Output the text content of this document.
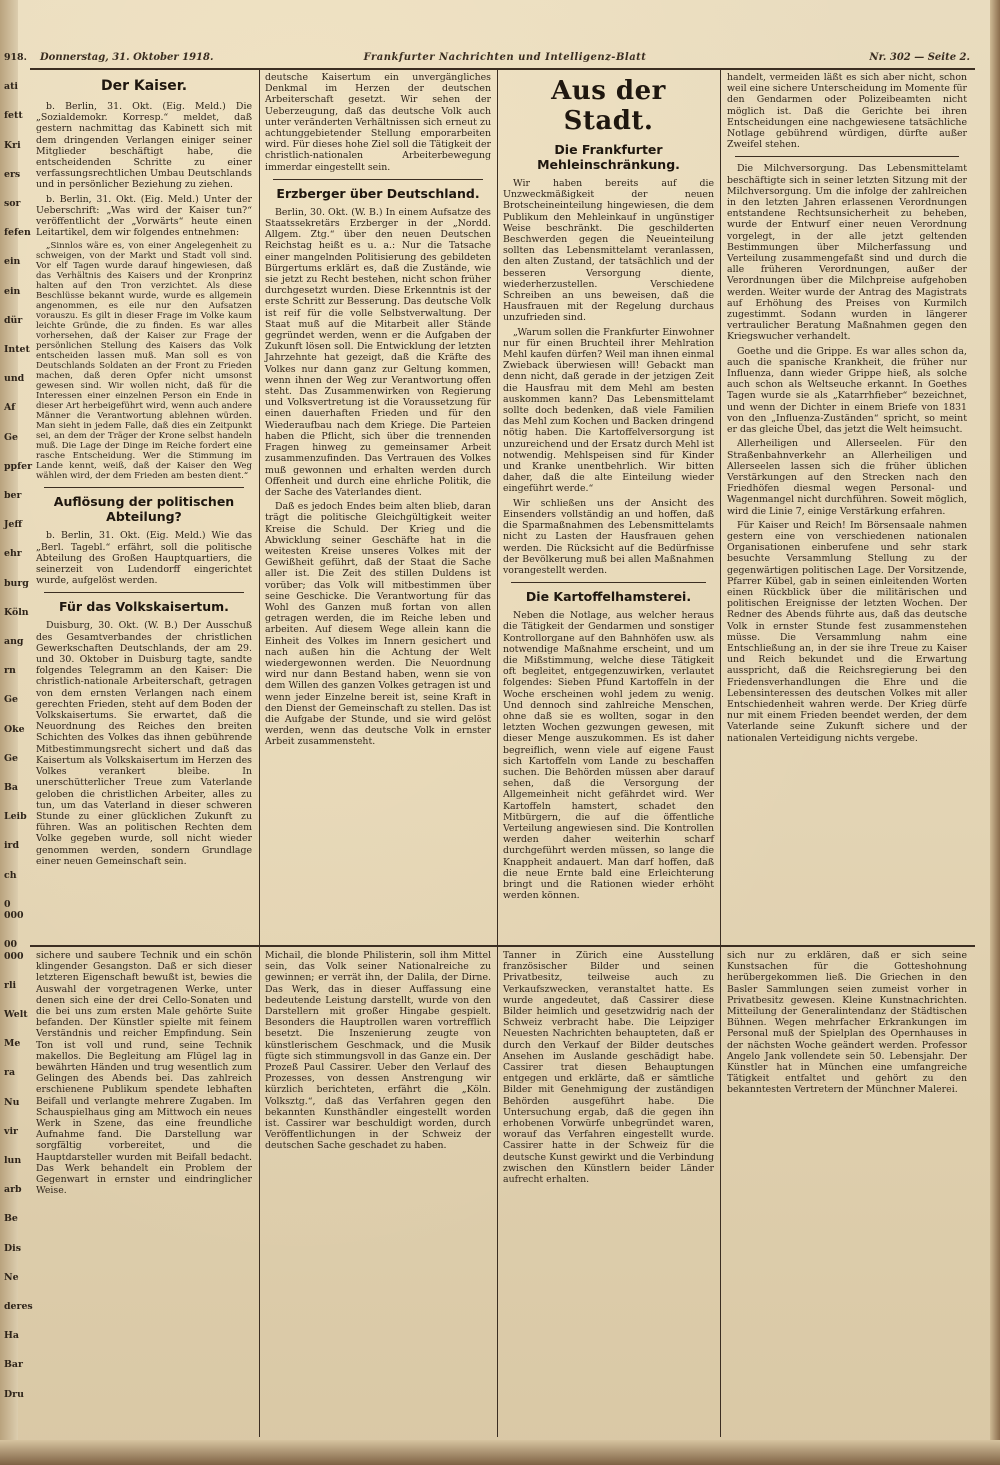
918.
ati
fett
Kri
ers
sor
fefen
ein
ein
dür
Intet
und
Af
Ge
ppfer
ber
Jeff
ehr
burg
Köln
ang
rn
Ge
Oke
Ge
Ba
Leib
ird
ch
0 000
00 000
rli
Welt
Me
ra
Nu
vir
lun
arb
Be
Dis
Ne
deres
Ha
Bar
Dru
Donnerstag, 31. Oktober 1918.	Frankfurter Nachrichten und Intelligenz-Blatt	Nr. 302 — Seite 2.
Der Kaiser.

b. Berlin, 31. Okt. (Eig. Meld.) Die „Sozialdemokr. Korresp.“ meldet, daß gestern nachmittag das Kabinett sich mit dem dringenden Verlangen einiger seiner Mitglieder beschäftigt habe, die entscheidenden Schritte zu einer verfassungsrechtlichen Umbau Deutschlands und in persönlicher Beziehung zu ziehen.

b. Berlin, 31. Okt. (Eig. Meld.) Unter der Ueberschrift: „Was wird der Kaiser tun?“ veröffentlicht der „Vorwärts“ heute einen Leitartikel, dem wir folgendes entnehmen:

„Sinnlos wäre es, von einer Angelegenheit zu schweigen, von der Markt und Stadt voll sind. Vor elf Tagen wurde darauf hingewiesen, daß das Verhältnis des Kaisers und der Kronprinz halten auf den Tron verzichtet. Als diese Beschlüsse bekannt wurde, wurde es allgemein angenommen, es eile nur den Aufsatzen vorauszu. Es gilt in dieser Frage im Volke kaum leichte Gründe, die zu finden. Es war alles vorhersehen, daß der Kaiser zur Frage der persönlichen Stellung des Kaisers das Volk entscheiden lassen muß. Man soll es von Deutschlands Soldaten an der Front zu Frieden machen, daß deren Opfer nicht umsonst gewesen sind. Wir wollen nicht, daß für die Interessen einer einzelnen Person ein Ende in dieser Art herbeigeführt wird, wenn auch andere Männer die Verantwortung ablehnen würden. Man sieht in jedem Falle, daß dies ein Zeitpunkt sei, an dem der Träger der Krone selbst handeln muß. Die Lage der Dinge im Reiche fordert eine rasche Entscheidung. Wer die Stimmung im Lande kennt, weiß, daß der Kaiser den Weg wählen wird, der dem Frieden am besten dient.“

Auflösung der politischen Abteilung?

b. Berlin, 31. Okt. (Eig. Meld.) Wie das „Berl. Tagebl.“ erfährt, soll die politische Abteilung des Großen Hauptquartiers, die seinerzeit von Ludendorff eingerichtet wurde, aufgelöst werden.

Für das Volkskaisertum.

Duisburg, 30. Okt. (W. B.) Der Ausschuß des Gesamtverbandes der christlichen Gewerkschaften Deutschlands, der am 29. und 30. Oktober in Duisburg tagte, sandte folgendes Telegramm an den Kaiser: Die christlich-nationale Arbeiterschaft, getragen von dem ernsten Verlangen nach einem gerechten Frieden, steht auf dem Boden der Volkskaisertums. Sie erwartet, daß die Neuordnung des Reiches den breiten Schichten des Volkes das ihnen gebührende Mitbestimmungsrecht sichert und daß das Kaisertum als Volkskaisertum im Herzen des Volkes verankert bleibe. In unerschütterlicher Treue zum Vaterlande geloben die christlichen Arbeiter, alles zu tun, um das Vaterland in dieser schweren Stunde zu einer glücklichen Zukunft zu führen. Was an politischen Rechten dem Volke gegeben wurde, soll nicht wieder genommen werden, sondern Grundlage einer neuen Gemeinschaft sein.

deutsche Kaisertum ein unvergängliches Denkmal im Herzen der deutschen Arbeiterschaft gesetzt. Wir sehen der Ueberzeugung, daß das deutsche Volk auch unter veränderten Verhältnissen sich erneut zu achtunggebietender Stellung emporarbeiten wird. Für dieses hohe Ziel soll die Tätigkeit der christlich-nationalen Arbeiterbewegung immerdar eingestellt sein.

Erzberger über Deutschland.

Berlin, 30. Okt. (W. B.) In einem Aufsatze des Staatssekretärs Erzberger in der „Nordd. Allgem. Ztg.“ über den neuen Deutschen Reichstag heißt es u. a.: Nur die Tatsache einer mangelnden Politisierung des gebildeten Bürgertums erklärt es, daß die Zustände, wie sie jetzt zu Recht bestehen, nicht schon früher durchgesetzt wurden. Diese Erkenntnis ist der erste Schritt zur Besserung. Das deutsche Volk ist reif für die volle Selbstverwaltung. Der Staat muß auf die Mitarbeit aller Stände gegründet werden, wenn er die Aufgaben der Zukunft lösen soll. Die Entwicklung der letzten Jahrzehnte hat gezeigt, daß die Kräfte des Volkes nur dann ganz zur Geltung kommen, wenn ihnen der Weg zur Verantwortung offen steht. Das Zusammenwirken von Regierung und Volksvertretung ist die Voraussetzung für einen dauerhaften Frieden und für den Wiederaufbau nach dem Kriege. Die Parteien haben die Pflicht, sich über die trennenden Fragen hinweg zu gemeinsamer Arbeit zusammenzufinden. Das Vertrauen des Volkes muß gewonnen und erhalten werden durch Offenheit und durch eine ehrliche Politik, die der Sache des Vaterlandes dient.

Daß es jedoch Endes beim alten blieb, daran trägt die politische Gleichgültigkeit weiter Kreise die Schuld. Der Krieg und die Abwicklung seiner Geschäfte hat in die weitesten Kreise unseres Volkes mit der Gewißheit geführt, daß der Staat die Sache aller ist. Die Zeit des stillen Duldens ist vorüber; das Volk will mitbestimmen über seine Geschicke. Die Verantwortung für das Wohl des Ganzen muß fortan von allen getragen werden, die im Reiche leben und arbeiten. Auf diesem Wege allein kann die Einheit des Volkes im Innern gesichert und nach außen hin die Achtung der Welt wiedergewonnen werden. Die Neuordnung wird nur dann Bestand haben, wenn sie von dem Willen des ganzen Volkes getragen ist und wenn jeder Einzelne bereit ist, seine Kraft in den Dienst der Gemeinschaft zu stellen. Das ist die Aufgabe der Stunde, und sie wird gelöst werden, wenn das deutsche Volk in ernster Arbeit zusammensteht.

Aus der Stadt.
Die Frankfurter Mehleinschränkung.

Wir haben bereits auf die Unzweckmäßigkeit der neuen Brotscheineinteilung hingewiesen, die dem Publikum den Mehleinkauf in ungünstiger Weise beschränkt. Die geschilderten Beschwerden gegen die Neueinteilung sollten das Lebensmittelamt veranlassen, den alten Zustand, der tatsächlich und der besseren Versorgung diente, wiederherzustellen. Verschiedene Schreiben an uns beweisen, daß die Hausfrauen mit der Regelung durchaus unzufrieden sind.

„Warum sollen die Frankfurter Einwohner nur für einen Bruchteil ihrer Mehlration Mehl kaufen dürfen? Weil man ihnen einmal Zwieback überwiesen will! Gebackt man denn nicht, daß gerade in der jetzigen Zeit die Hausfrau mit dem Mehl am besten auskommen kann? Das Lebensmittelamt sollte doch bedenken, daß viele Familien das Mehl zum Kochen und Backen dringend nötig haben. Die Kartoffelversorgung ist unzureichend und der Ersatz durch Mehl ist notwendig. Mehlspeisen sind für Kinder und Kranke unentbehrlich. Wir bitten daher, daß die alte Einteilung wieder eingeführt werde.“

Wir schließen uns der Ansicht des Einsenders vollständig an und hoffen, daß die Sparmaßnahmen des Lebensmittelamts nicht zu Lasten der Hausfrauen gehen werden. Die Rücksicht auf die Bedürfnisse der Bevölkerung muß bei allen Maßnahmen vorangestellt werden.

Die Kartoffelhamsterei.

Neben die Notlage, aus welcher heraus die Tätigkeit der Gendarmen und sonstiger Kontrollorgane auf den Bahnhöfen usw. als notwendige Maßnahme erscheint, und um die Mißstimmung, welche diese Tätigkeit oft begleitet, entgegenzuwirken, verlautet folgendes: Sieben Pfund Kartoffeln in der Woche erscheinen wohl jedem zu wenig. Und dennoch sind zahlreiche Menschen, ohne daß sie es wollten, sogar in den letzten Wochen gezwungen gewesen, mit dieser Menge auszukommen. Es ist daher begreiflich, wenn viele auf eigene Faust sich Kartoffeln vom Lande zu beschaffen suchen. Die Behörden müssen aber darauf sehen, daß die Versorgung der Allgemeinheit nicht gefährdet wird. Wer Kartoffeln hamstert, schadet den Mitbürgern, die auf die öffentliche Verteilung angewiesen sind. Die Kontrollen werden daher weiterhin scharf durchgeführt werden müssen, so lange die Knappheit andauert. Man darf hoffen, daß die neue Ernte bald eine Erleichterung bringt und die Rationen wieder erhöht werden können.

handelt, vermeiden läßt es sich aber nicht, schon weil eine sichere Unterscheidung im Momente für den Gendarmen oder Polizeibeamten nicht möglich ist. Daß die Gerichte bei ihren Entscheidungen eine nachgewiesene tatsächliche Notlage gebührend würdigen, dürfte außer Zweifel stehen.

Die Milchversorgung. Das Lebensmittelamt beschäftigte sich in seiner letzten Sitzung mit der Milchversorgung. Um die infolge der zahlreichen in den letzten Jahren erlassenen Verordnungen entstandene Rechtsunsicherheit zu beheben, wurde der Entwurf einer neuen Verordnung vorgelegt, in der alle jetzt geltenden Bestimmungen über Milcherfassung und Verteilung zusammengefaßt sind und durch die alle früheren Verordnungen, außer der Verordnungen über die Milchpreise aufgehoben werden. Weiter wurde der Antrag des Magistrats auf Erhöhung des Preises von Kurmilch zugestimmt. Sodann wurden in längerer vertraulicher Beratung Maßnahmen gegen den Kriegswucher verhandelt.

Goethe und die Grippe. Es war alles schon da, auch die spanische Krankheit, die früher nur Influenza, dann wieder Grippe hieß, als solche auch schon als Weltseuche erkannt. In Goethes Tagen wurde sie als „Katarrhfieber“ bezeichnet, und wenn der Dichter in einem Briefe von 1831 von den „Influenza-Zuständen“ spricht, so meint er das gleiche Übel, das jetzt die Welt heimsucht.

Allerheiligen und Allerseelen. Für den Straßenbahnverkehr an Allerheiligen und Allerseelen lassen sich die früher üblichen Verstärkungen auf den Strecken nach den Friedhöfen diesmal wegen Personal- und Wagenmangel nicht durchführen. Soweit möglich, wird die Linie 7, einige Verstärkung erfahren.

Für Kaiser und Reich! Im Börsensaale nahmen gestern eine von verschiedenen nationalen Organisationen einberufene und sehr stark besuchte Versammlung Stellung zu der gegenwärtigen politischen Lage. Der Vorsitzende, Pfarrer Kübel, gab in seinen einleitenden Worten einen Rückblick über die militärischen und politischen Ereignisse der letzten Wochen. Der Redner des Abends führte aus, daß das deutsche Volk in ernster Stunde fest zusammenstehen müsse. Die Versammlung nahm eine Entschließung an, in der sie ihre Treue zu Kaiser und Reich bekundet und die Erwartung ausspricht, daß die Reichsregierung bei den Friedensverhandlungen die Ehre und die Lebensinteressen des deutschen Volkes mit aller Entschiedenheit wahren werde. Der Krieg dürfe nur mit einem Frieden beendet werden, der dem Vaterlande seine Zukunft sichere und der nationalen Verteidigung nichts vergebe.

sichere und saubere Technik und ein schön klingender Gesangston. Daß er sich dieser letzteren Eigenschaft bewußt ist, bewies die Auswahl der vorgetragenen Werke, unter denen sich eine der drei Cello-Sonaten und die bei uns zum ersten Male gehörte Suite befanden. Der Künstler spielte mit feinem Verständnis und reicher Empfindung. Sein Ton ist voll und rund, seine Technik makellos. Die Begleitung am Flügel lag in bewährten Händen und trug wesentlich zum Gelingen des Abends bei. Das zahlreich erschienene Publikum spendete lebhaften Beifall und verlangte mehrere Zugaben. Im Schauspielhaus ging am Mittwoch ein neues Werk in Szene, das eine freundliche Aufnahme fand. Die Darstellung war sorgfältig vorbereitet, und die Hauptdarsteller wurden mit Beifall bedacht. Das Werk behandelt ein Problem der Gegenwart in ernster und eindringlicher Weise.

Michail, die blonde Philisterin, soll ihm Mittel sein, das Volk seiner Nationalreiche zu gewinnen; er verrät ihn, der Dalila, der Dirne. Das Werk, das in dieser Auffassung eine bedeutende Leistung darstellt, wurde von den Darstellern mit großer Hingabe gespielt. Besonders die Hauptrollen waren vortrefflich besetzt. Die Inszenierung zeugte von künstlerischem Geschmack, und die Musik fügte sich stimmungsvoll in das Ganze ein. Der Prozeß Paul Cassirer. Ueber den Verlauf des Prozesses, von dessen Anstrengung wir kürzlich berichteten, erfährt die „Köln. Volksztg.“, daß das Verfahren gegen den bekannten Kunsthändler eingestellt worden ist. Cassirer war beschuldigt worden, durch Veröffentlichungen in der Schweiz der deutschen Sache geschadet zu haben.

Tanner in Zürich eine Ausstellung französischer Bilder und seinen Privatbesitz, teilweise auch zu Verkaufszwecken, veranstaltet hatte. Es wurde angedeutet, daß Cassirer diese Bilder heimlich und gesetzwidrig nach der Schweiz verbracht habe. Die Leipziger Neuesten Nachrichten behaupteten, daß er durch den Verkauf der Bilder deutsches Ansehen im Auslande geschädigt habe. Cassirer trat diesen Behauptungen entgegen und erklärte, daß er sämtliche Bilder mit Genehmigung der zuständigen Behörden ausgeführt habe. Die Untersuchung ergab, daß die gegen ihn erhobenen Vorwürfe unbegründet waren, worauf das Verfahren eingestellt wurde. Cassirer hatte in der Schweiz für die deutsche Kunst gewirkt und die Verbindung zwischen den Künstlern beider Länder aufrecht erhalten.

sich nur zu erklären, daß er sich seine Kunstsachen für die Gotteshohnung herübergekommen ließ. Die Griechen in den Basler Sammlungen seien zumeist vorher in Privatbesitz gewesen. Kleine Kunstnachrichten. Mitteilung der Generalintendanz der Städtischen Bühnen. Wegen mehrfacher Erkrankungen im Personal muß der Spielplan des Opernhauses in der nächsten Woche geändert werden. Professor Angelo Jank vollendete sein 50. Lebensjahr. Der Künstler hat in München eine umfangreiche Tätigkeit entfaltet und gehört zu den bekanntesten Vertretern der Münchner Malerei.
